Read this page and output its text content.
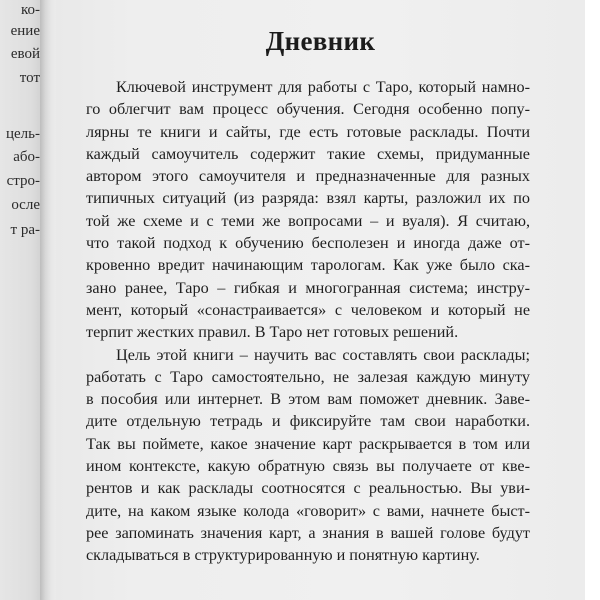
ко-
ение
евой
тот
цель-
або-
стро-
осле
т ра-
Дневник
Ключевой инструмент для работы с Таро, который намно-
го облегчит вам процесс обучения. Сегодня особенно попу-
лярны те книги и сайты, где есть готовые расклады. Почти
каждый самоучитель содержит такие схемы, придуманные
автором этого самоучителя и предназначенные для разных
типичных ситуаций (из разряда: взял карты, разложил их по
той же схеме и с теми же вопросами – и вуаля). Я считаю,
что такой подход к обучению бесполезен и иногда даже от-
кровенно вредит начинающим тарологам. Как уже было ска-
зано ранее, Таро – гибкая и многогранная система; инстру-
мент, который «сонастраивается» с человеком и который не
терпит жестких правил. В Таро нет готовых решений.
Цель этой книги – научить вас составлять свои расклады;
работать с Таро самостоятельно, не залезая каждую минуту
в пособия или интернет. В этом вам поможет дневник. Заве-
дите отдельную тетрадь и фиксируйте там свои наработки.
Так вы поймете, какое значение карт раскрывается в том или
ином контексте, какую обратную связь вы получаете от кве-
рентов и как расклады соотносятся с реальностью. Вы уви-
дите, на каком языке колода «говорит» с вами, начнете быст-
рее запоминать значения карт, а знания в вашей голове будут
складываться в структурированную и понятную картину.
